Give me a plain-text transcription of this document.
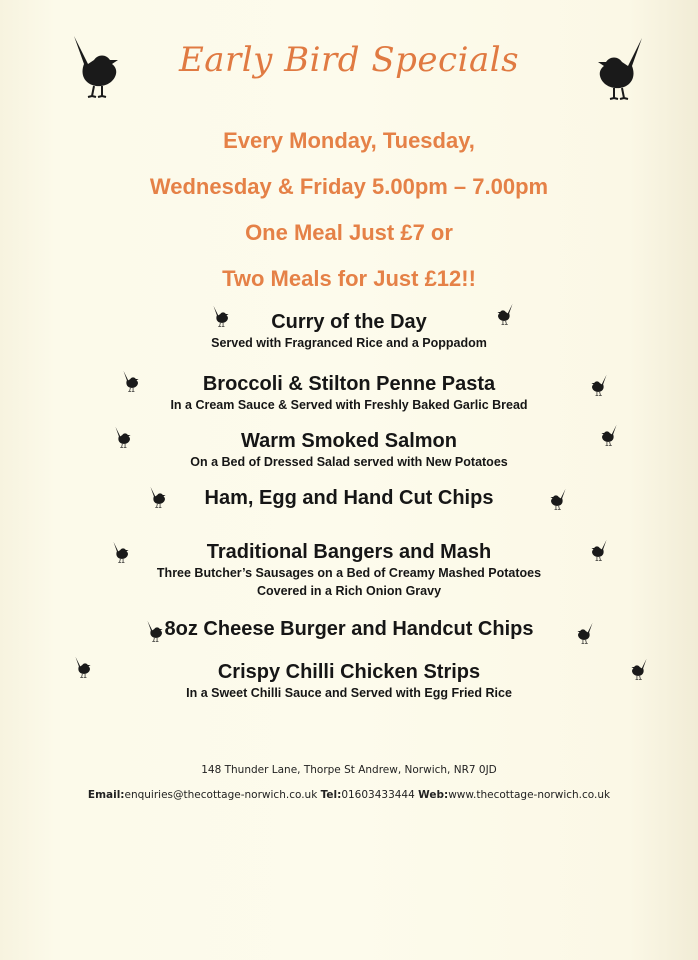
Early Bird Specials
Every Monday, Tuesday,
Wednesday & Friday 5.00pm – 7.00pm
One Meal Just £7 or
Two Meals for Just £12!!
Curry of the Day
Served with Fragranced Rice and a Poppadom
Broccoli & Stilton Penne Pasta
In a Cream Sauce & Served with Freshly Baked Garlic Bread
Warm Smoked Salmon
On a Bed of Dressed Salad served with New Potatoes
Ham, Egg and Hand Cut Chips
Traditional Bangers and Mash
Three Butcher’s Sausages on a Bed of Creamy Mashed Potatoes
Covered in a Rich Onion Gravy
8oz Cheese Burger and Handcut Chips
Crispy Chilli Chicken Strips
In a Sweet Chilli Sauce and Served with Egg Fried Rice
148 Thunder Lane, Thorpe St Andrew, Norwich, NR7 0JD
Email:enquiries@thecottage-norwich.co.uk Tel:01603433444 Web:www.thecottage-norwich.co.uk
